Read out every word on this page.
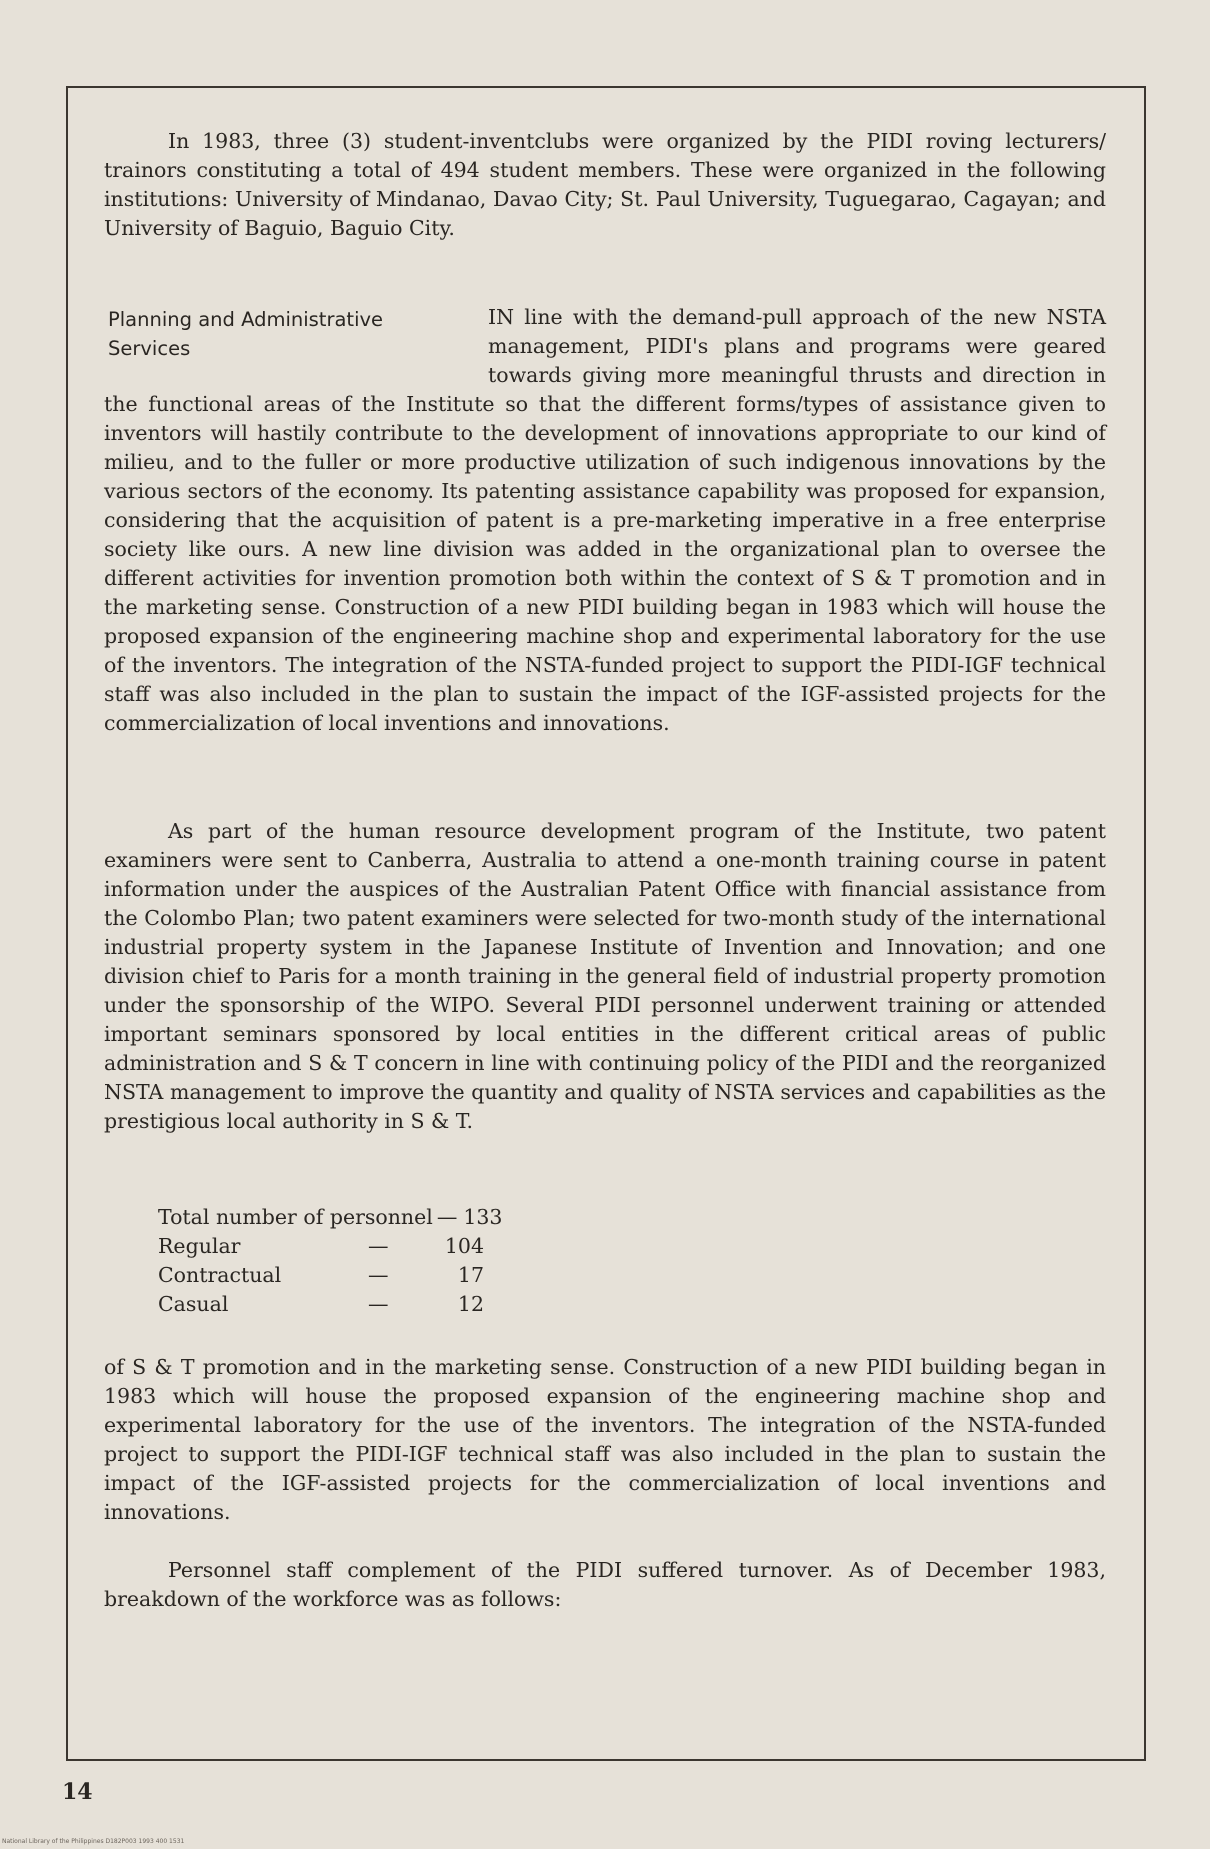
In 1983, three (3) student-inventclubs were organized by the PIDI roving lecturers/ trainors constituting a total of 494 student members. These were organized in the following institutions: University of Mindanao, Davao City; St. Paul University, Tuguegarao, Cagayan; and University of Baguio, Baguio City.

Planning and Administrative
Services
IN line with the demand-pull approach of the new NSTA management, PIDI's plans and programs were geared towards giving more meaningful thrusts and direction in the functional areas of the Institute so that the different forms/types of assistance given to inventors will hastily contribute to the development of innovations appropriate to our kind of milieu, and to the fuller or more productive utilization of such indigenous innovations by the various sectors of the economy. Its patenting assistance capability was proposed for expansion, considering that the acquisition of patent is a pre-marketing imperative in a free enterprise society like ours. A new line division was added in the organizational plan to oversee the different activities for invention promotion both within the context of S & T promotion and in the marketing sense. Construction of a new PIDI building began in 1983 which will house the proposed expansion of the engineering machine shop and experimental laboratory for the use of the inventors. The integration of the NSTA-funded project to support the PIDI-IGF technical staff was also included in the plan to sustain the impact of the IGF-assisted projects for the commercialization of local inventions and innovations.

As part of the human resource development program of the Institute, two patent examiners were sent to Canberra, Australia to attend a one-month training course in patent information under the auspices of the Australian Patent Office with financial assistance from the Colombo Plan; two patent examiners were selected for two-month study of the international industrial property system in the Japanese Institute of Invention and Innovation; and one division chief to Paris for a month training in the general field of industrial property promotion under the sponsorship of the WIPO. Several PIDI personnel underwent training or attended important seminars sponsored by local entities in the different critical areas of public administration and S & T concern in line with continuing policy of the PIDI and the reorganized NSTA management to improve the quantity and quality of NSTA services and capabilities as the prestigious local authority in S & T.

Total number of personnel — 133
Regular	—	104
Contractual	—	17
Casual	—	12

of S & T promotion and in the marketing sense. Construction of a new PIDI building began in 1983 which will house the proposed expansion of the engineering machine shop and experimental laboratory for the use of the inventors. The integration of the NSTA-funded project to support the PIDI-IGF technical staff was also included in the plan to sustain the impact of the IGF-assisted projects for the commercialization of local inventions and innovations.

Personnel staff complement of the PIDI suffered turnover. As of December 1983, breakdown of the workforce was as follows:

14
National Library of the Philippines D182P003 1993 400 1531
